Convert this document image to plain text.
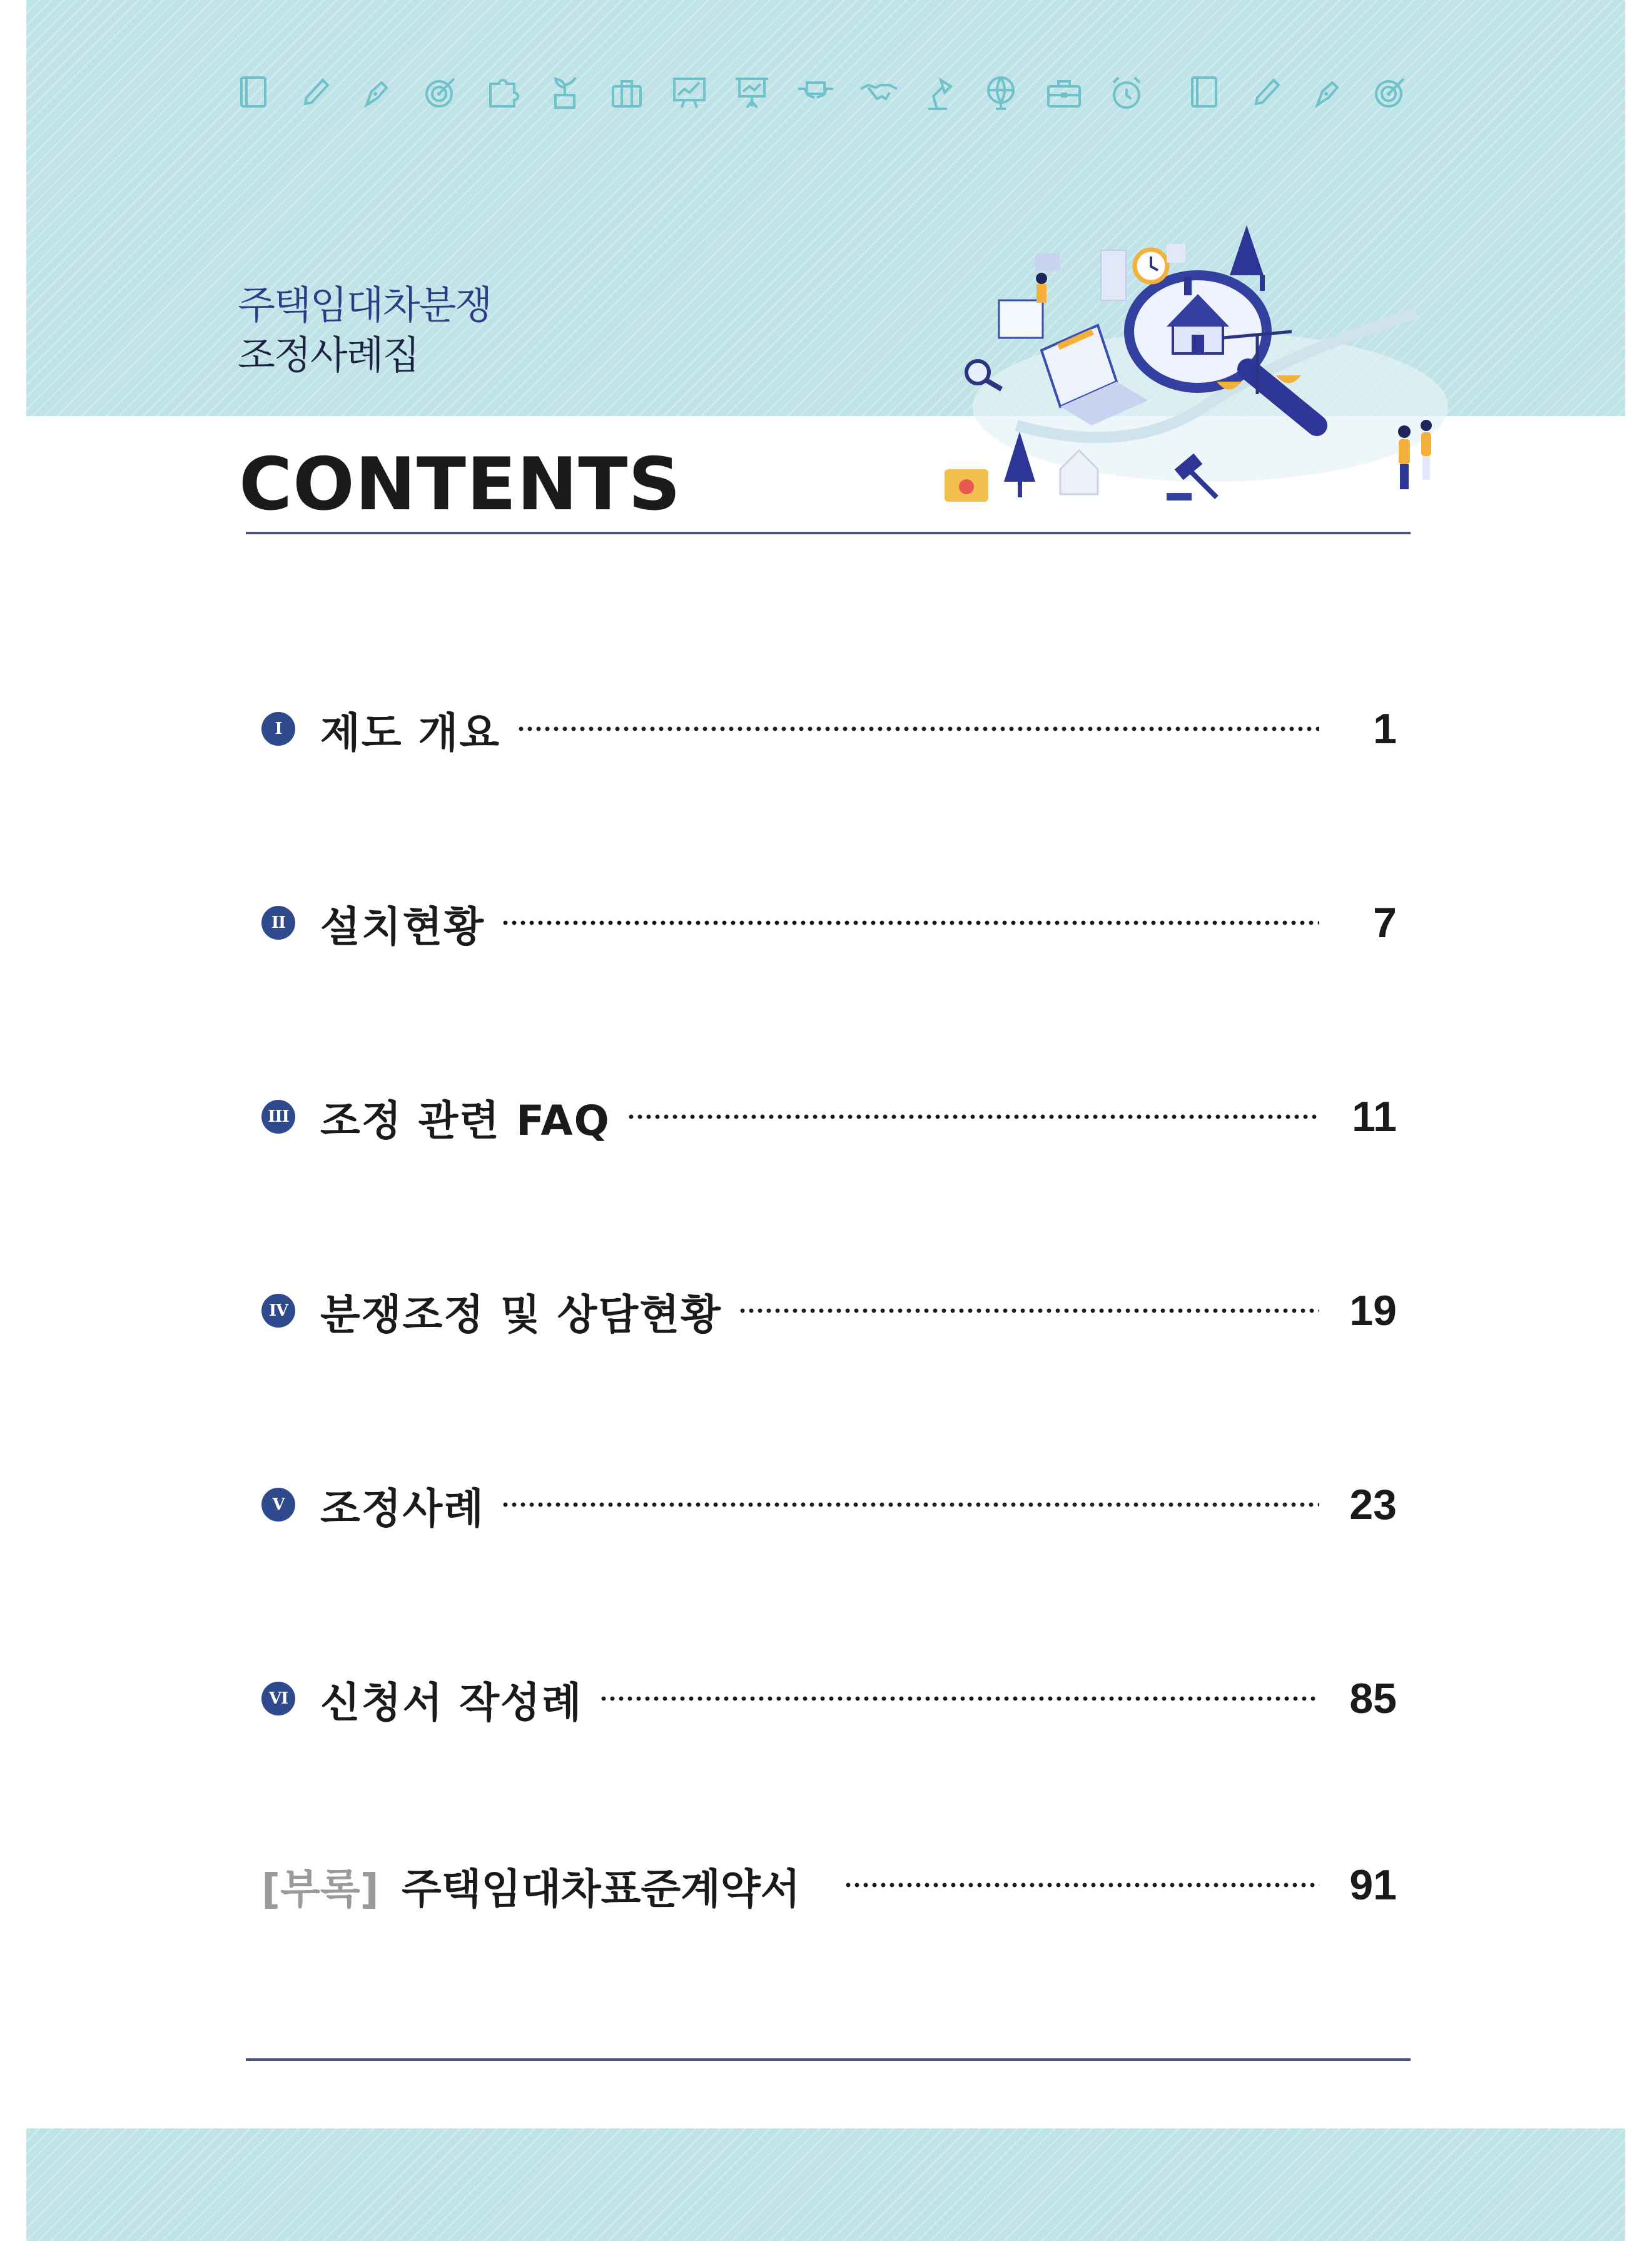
주택임대차분쟁
조정사례집
CONTENTS
I 제도 개요	1
II 설치현황	7
III 조정 관련 FAQ	11
IV 분쟁조정 및 상담현황	19
V 조정사례	23
VI 신청서 작성례	85
[부록] 주택임대차표준계약서	91
